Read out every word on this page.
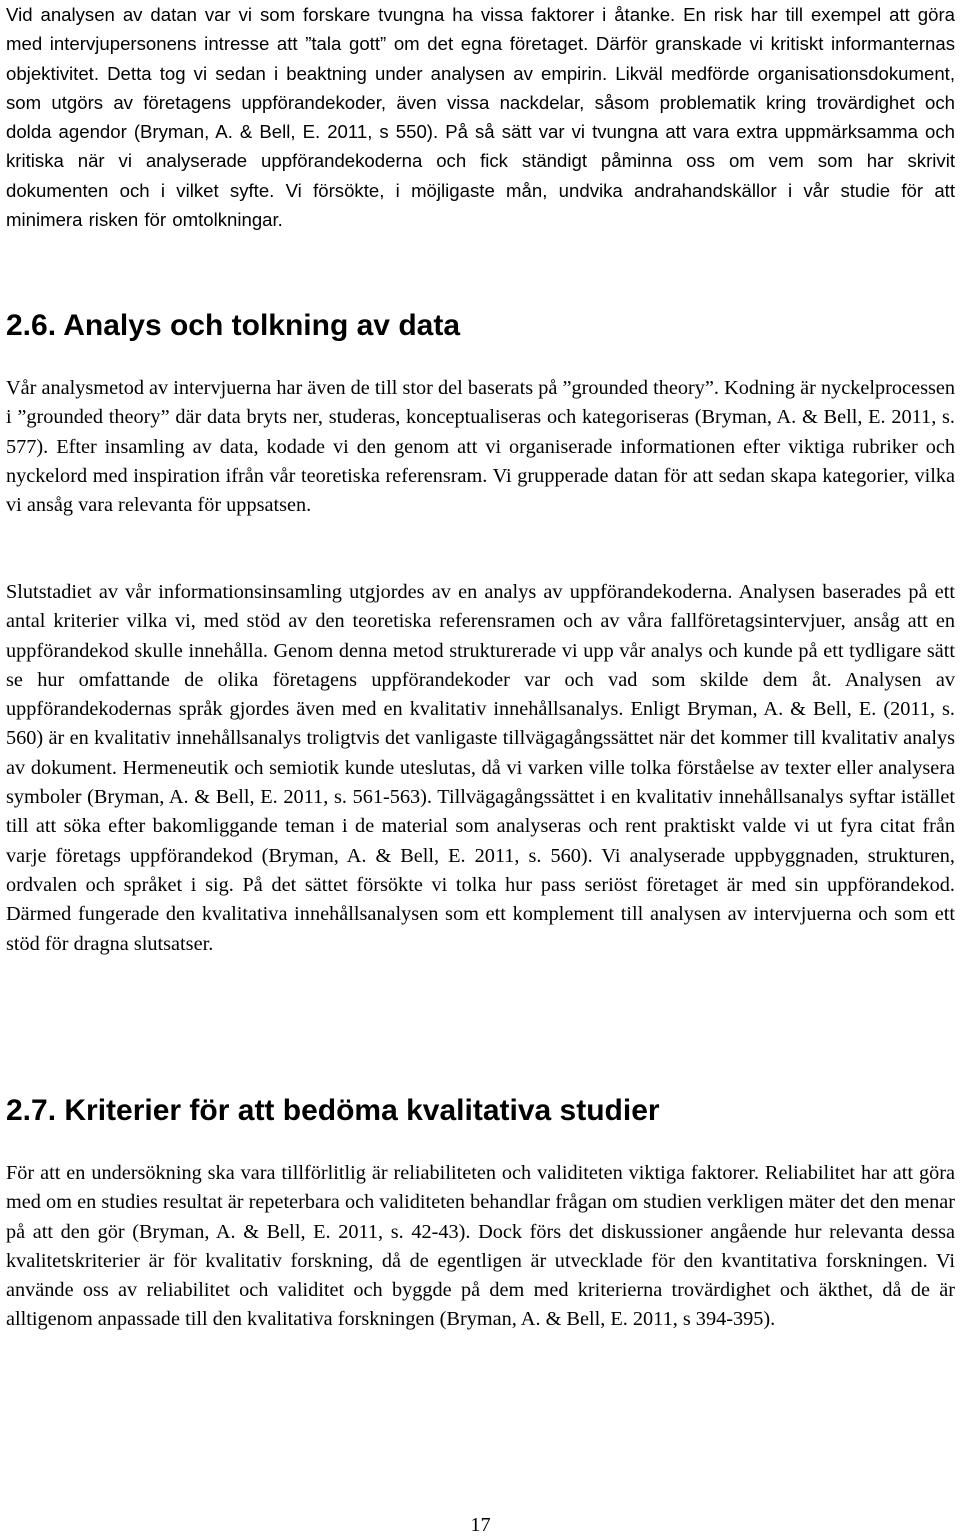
Vid analysen av datan var vi som forskare tvungna ha vissa faktorer i åtanke. En risk har till exempel att göra med intervjupersonens intresse att ”tala gott” om det egna företaget. Därför granskade vi kritiskt informanternas objektivitet. Detta tog vi sedan i beaktning under analysen av empirin. Likväl medförde organisationsdokument, som utgörs av företagens uppförandekoder, även vissa nackdelar, såsom problematik kring trovärdighet och dolda agendor (Bryman, A. & Bell, E. 2011, s 550). På så sätt var vi tvungna att vara extra uppmärksamma och kritiska när vi analyserade uppförandekoderna och fick ständigt påminna oss om vem som har skrivit dokumenten och i vilket syfte. Vi försökte, i möjligaste mån, undvika andrahandskällor i vår studie för att minimera risken för omtolkningar.

2.6. Analys och tolkning av data

Vår analysmetod av intervjuerna har även de till stor del baserats på ”grounded theory”. Kodning är nyckelprocessen i ”grounded theory” där data bryts ner, studeras, konceptualiseras och kategoriseras (Bryman, A. & Bell, E. 2011, s. 577). Efter insamling av data, kodade vi den genom att vi organiserade informationen efter viktiga rubriker och nyckelord med inspiration ifrån vår teoretiska referensram. Vi grupperade datan för att sedan skapa kategorier, vilka vi ansåg vara relevanta för uppsatsen.

Slutstadiet av vår informationsinsamling utgjordes av en analys av uppförandekoderna. Analysen baserades på ett antal kriterier vilka vi, med stöd av den teoretiska referensramen och av våra fallföretagsintervjuer, ansåg att en uppförandekod skulle innehålla. Genom denna metod strukturerade vi upp vår analys och kunde på ett tydligare sätt se hur omfattande de olika företagens uppförandekoder var och vad som skilde dem åt. Analysen av uppförandekodernas språk gjordes även med en kvalitativ innehållsanalys. Enligt Bryman, A. & Bell, E. (2011, s. 560) är en kvalitativ innehållsanalys troligtvis det vanligaste tillvägagångssättet när det kommer till kvalitativ analys av dokument. Hermeneutik och semiotik kunde uteslutas, då vi varken ville tolka förståelse av texter eller analysera symboler (Bryman, A. & Bell, E. 2011, s. 561-563). Tillvägagångssättet i en kvalitativ innehållsanalys syftar istället till att söka efter bakomliggande teman i de material som analyseras och rent praktiskt valde vi ut fyra citat från varje företags uppförandekod (Bryman, A. & Bell, E. 2011, s. 560). Vi analyserade uppbyggnaden, strukturen, ordvalen och språket i sig. På det sättet försökte vi tolka hur pass seriöst företaget är med sin uppförandekod. Därmed fungerade den kvalitativa innehållsanalysen som ett komplement till analysen av intervjuerna och som ett stöd för dragna slutsatser.

2.7. Kriterier för att bedöma kvalitativa studier

För att en undersökning ska vara tillförlitlig är reliabiliteten och validiteten viktiga faktorer. Reliabilitet har att göra med om en studies resultat är repeterbara och validiteten behandlar frågan om studien verkligen mäter det den menar på att den gör (Bryman, A. & Bell, E. 2011, s. 42-43). Dock förs det diskussioner angående hur relevanta dessa kvalitetskriterier är för kvalitativ forskning, då de egentligen är utvecklade för den kvantitativa forskningen. Vi använde oss av reliabilitet och validitet och byggde på dem med kriterierna trovärdighet och äkthet, då de är alltigenom anpassade till den kvalitativa forskningen (Bryman, A. & Bell, E. 2011, s 394-395).

17
